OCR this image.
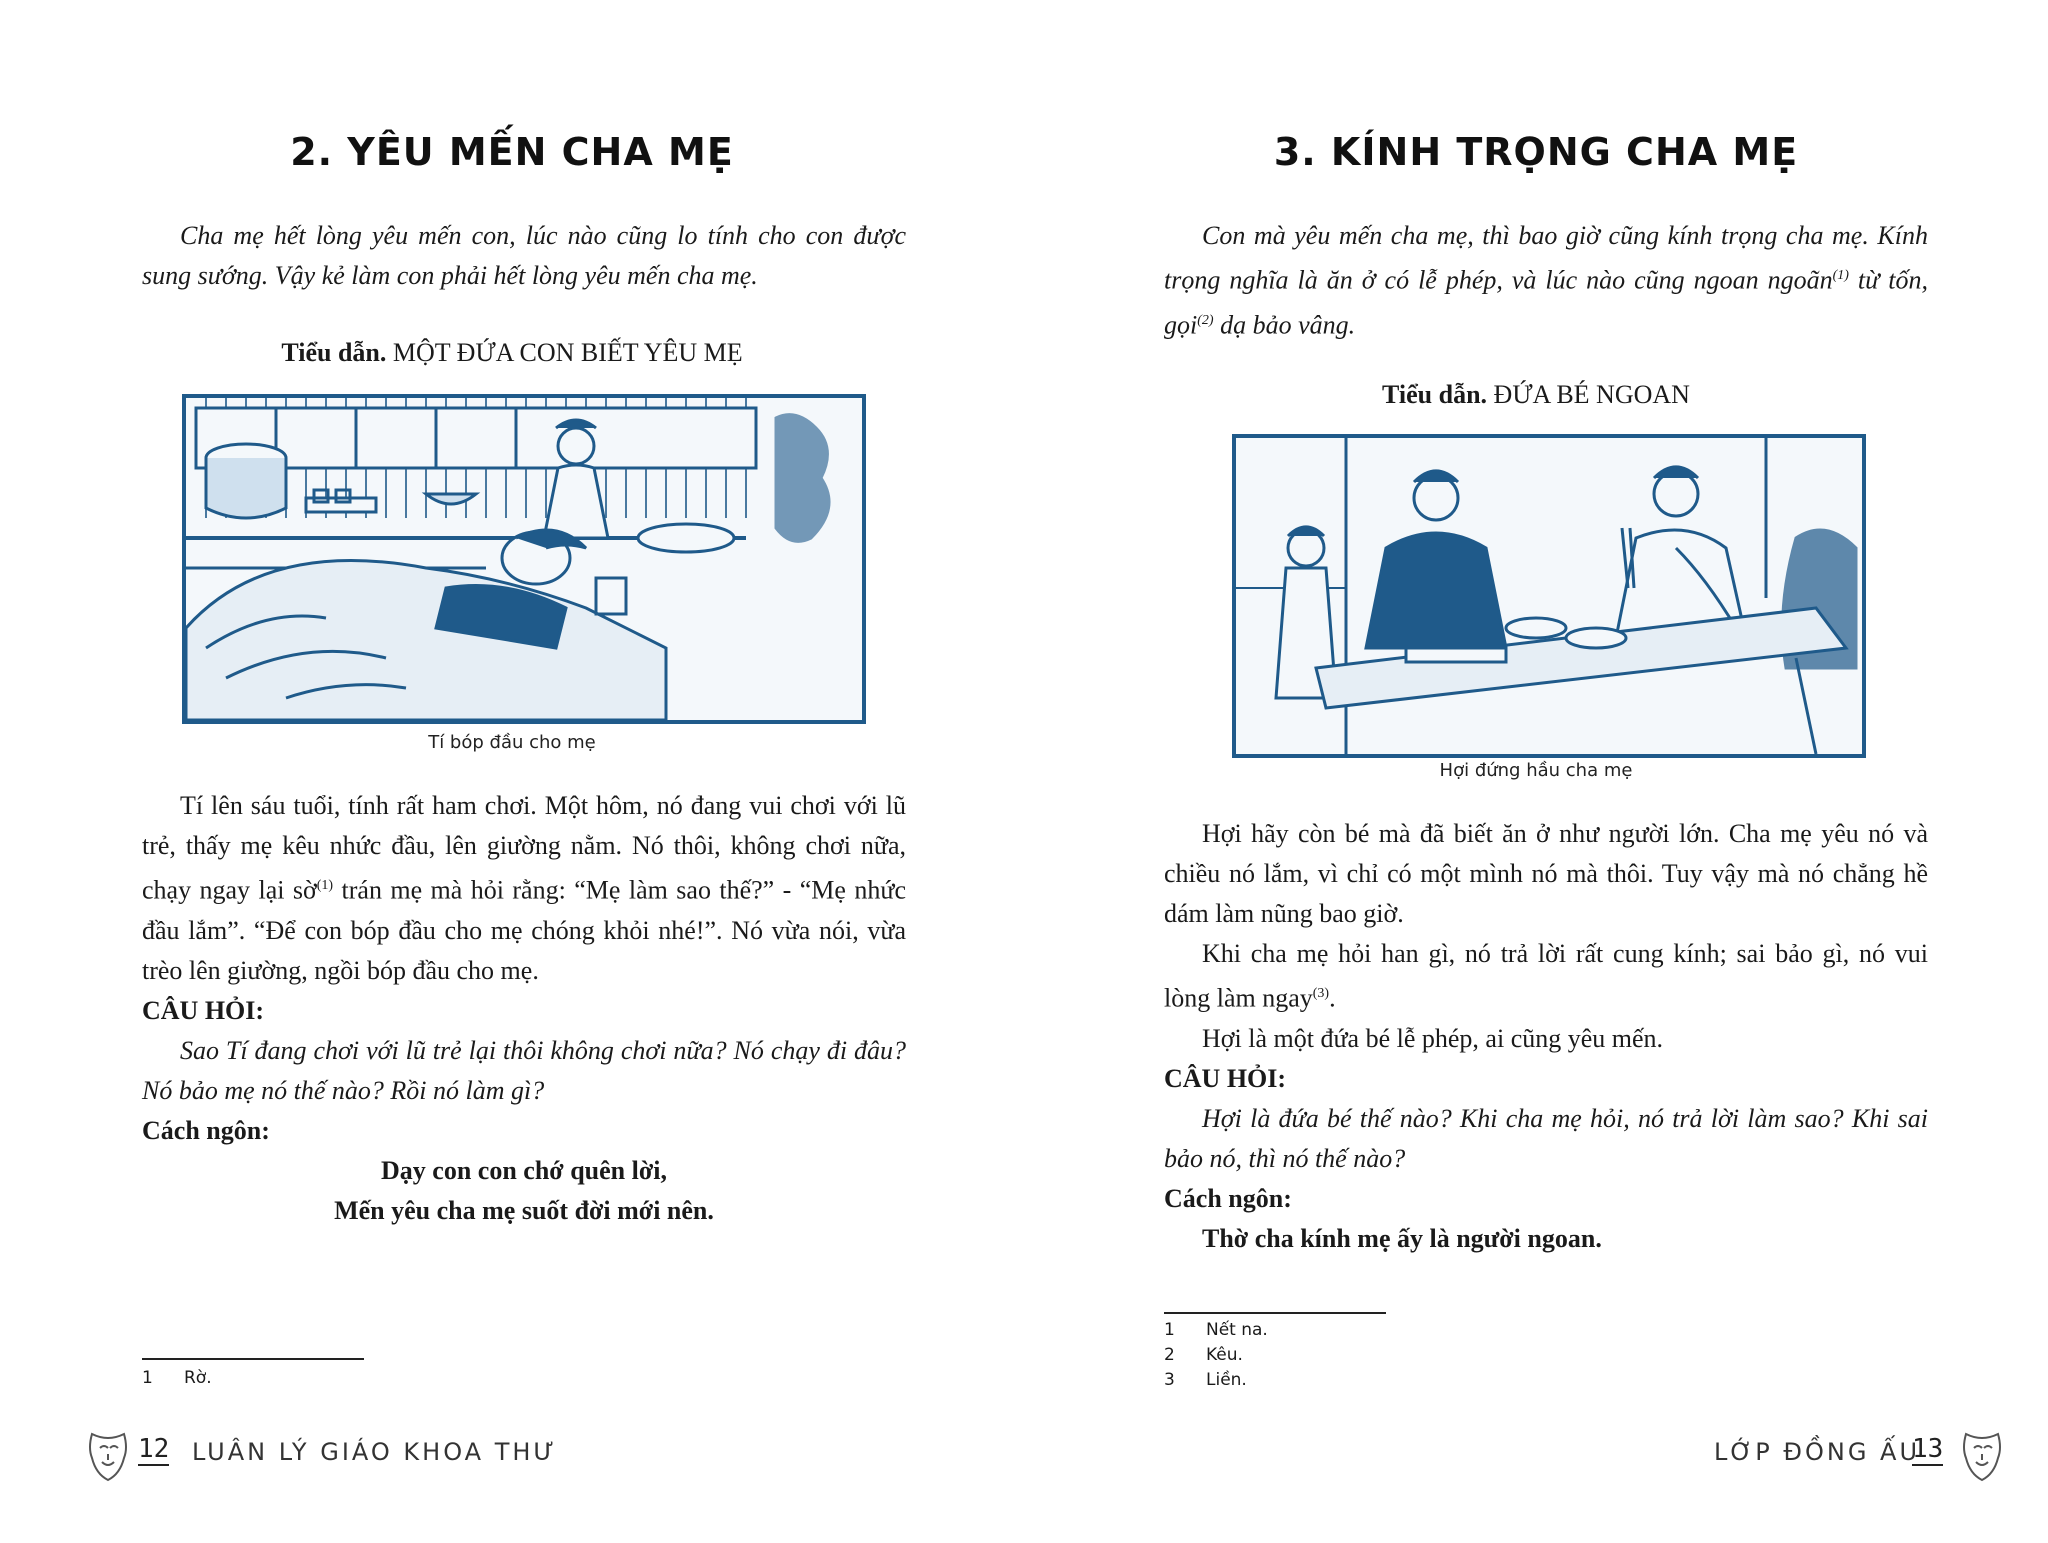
2. YÊU MẾN CHA MẸ

Cha mẹ hết lòng yêu mến con, lúc nào cũng lo tính cho con được sung sướng. Vậy kẻ làm con phải hết lòng yêu mến cha mẹ.

Tiểu dẫn. MỘT ĐỨA CON BIẾT YÊU MẸ
Tí bóp đầu cho mẹ

Tí lên sáu tuổi, tính rất ham chơi. Một hôm, nó đang vui chơi với lũ trẻ, thấy mẹ kêu nhức đầu, lên giường nằm. Nó thôi, không chơi nữa, chạy ngay lại sờ$^{(1)}$ trán mẹ mà hỏi rằng: “Mẹ làm sao thế?” - “Mẹ nhức đầu lắm”. “Để con bóp đầu cho mẹ chóng khỏi nhé!”. Nó vừa nói, vừa trèo lên giường, ngồi bóp đầu cho mẹ.

CÂU HỎI:

Sao Tí đang chơi với lũ trẻ lại thôi không chơi nữa? Nó chạy đi đâu? Nó bảo mẹ nó thế nào? Rồi nó làm gì?

Cách ngôn:
Dạy con con chớ quên lời,
Mến yêu cha mẹ suốt đời mới nên.
1 Rờ.
12 LUÂN LÝ GIÁO KHOA THƯ
3. KÍNH TRỌNG CHA MẸ

Con mà yêu mến cha mẹ, thì bao giờ cũng kính trọng cha mẹ. Kính trọng nghĩa là ăn ở có lễ phép, và lúc nào cũng ngoan ngoãn$^{(1)}$ từ tốn, gọi$^{(2)}$ dạ bảo vâng.

Tiểu dẫn. ĐỨA BÉ NGOAN
Hợi đứng hầu cha mẹ

Hợi hãy còn bé mà đã biết ăn ở như người lớn. Cha mẹ yêu nó và chiều nó lắm, vì chỉ có một mình nó mà thôi. Tuy vậy mà nó chẳng hề dám làm nũng bao giờ.

Khi cha mẹ hỏi han gì, nó trả lời rất cung kính; sai bảo gì, nó vui lòng làm ngay$^{(3)}$.

Hợi là một đứa bé lễ phép, ai cũng yêu mến.

CÂU HỎI:

Hợi là đứa bé thế nào? Khi cha mẹ hỏi, nó trả lời làm sao? Khi sai bảo nó, thì nó thế nào?

Cách ngôn:
Thờ cha kính mẹ ấy là người ngoan.
1 Nết na.
2 Kêu.
3 Liền.
LỚP ĐỒNG ẤU
13
